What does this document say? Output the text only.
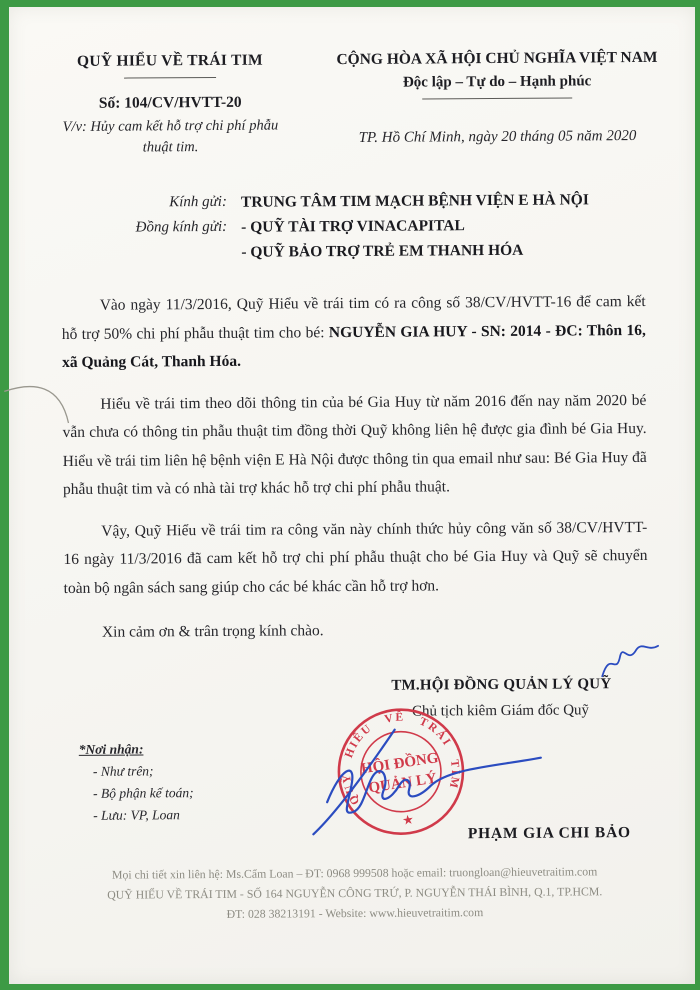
QUỸ HIỂU VỀ TRÁI TIM
Số: 104/CV/HVTT-20
V/v: Hủy cam kết hỗ trợ chi phí phẫu thuật tim.
CỘNG HÒA XÃ HỘI CHỦ NGHĨA VIỆT NAM
Độc lập – Tự do – Hạnh phúc
TP. Hồ Chí Minh, ngày 20 tháng 05 năm 2020
Kính gửi: TRUNG TÂM TIM MẠCH BỆNH VIỆN E HÀ NỘI
Đồng kính gửi: - QUỸ TÀI TRỢ VINACAPITAL
- QUỸ BẢO TRỢ TRẺ EM THANH HÓA

Vào ngày 11/3/2016, Quỹ Hiểu về trái tim có ra công số 38/CV/HVTT-16 để cam kết hỗ trợ 50% chi phí phẫu thuật tim cho bé: NGUYỄN GIA HUY - SN: 2014 - ĐC: Thôn 16, xã Quảng Cát, Thanh Hóa.

Hiểu về trái tim theo dõi thông tin của bé Gia Huy từ năm 2016 đến nay năm 2020 bé vẫn chưa có thông tin phẫu thuật tim đồng thời Quỹ không liên hệ được gia đình bé Gia Huy. Hiểu về trái tim liên hệ bệnh viện E Hà Nội được thông tin qua email như sau: Bé Gia Huy đã phẫu thuật tim và có nhà tài trợ khác hỗ trợ chi phí phẫu thuật.

Vậy, Quỹ Hiểu về trái tim ra công văn này chính thức hủy công văn số 38/CV/HVTT-16 ngày 11/3/2016 đã cam kết hỗ trợ chi phí phẫu thuật cho bé Gia Huy và Quỹ sẽ chuyển toàn bộ ngân sách sang giúp cho các bé khác cần hỗ trợ hơn.

Xin cảm ơn & trân trọng kính chào.

TM.HỘI ĐỒNG QUẢN LÝ QUỸ
Chủ tịch kiêm Giám đốc Quỹ
QUỸ HIỂU VỀ TRÁI TIM
HỘI ĐỒNG
QUẢN LÝ
★
PHẠM GIA CHI BẢO
*Nơi nhận:
- Như trên;
- Bộ phận kế toán;
- Lưu: VP, Loan
Mọi chi tiết xin liên hệ: Ms.Cẩm Loan – ĐT: 0968 999508 hoặc email: truongloan@hieuvetraitim.com
QUỸ HIỂU VỀ TRÁI TIM - SỐ 164 NGUYỄN CÔNG TRỨ, P. NGUYỄN THÁI BÌNH, Q.1, TP.HCM.
ĐT: 028 38213191 - Website: www.hieuvetraitim.com
